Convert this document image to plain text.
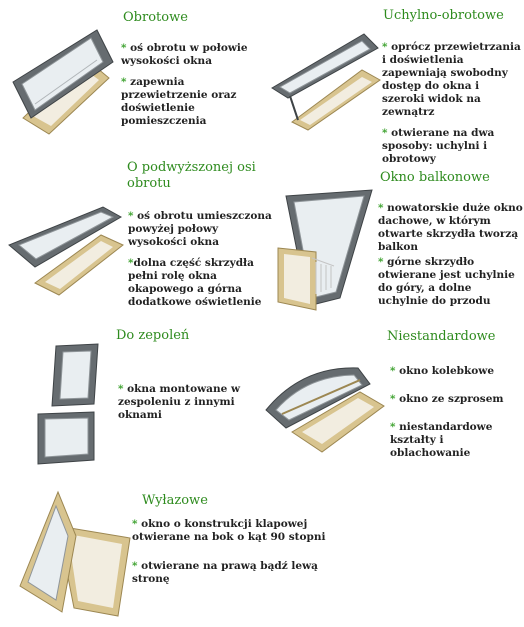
Obrotowe

* oś obrotu w połowie wysokości okna

* zapewnia przewietrzenie oraz doświetlenie pomieszczenia

Uchylno-obrotowe

* oprócz przewietrzania i doświetlenia zapewniają swobodny dostęp do okna i szeroki widok na zewnątrz

* otwierane na dwa sposoby: uchylni i obrotowy

O podwyższonej osi obrotu

* oś obrotu umieszczona powyżej połowy wysokości okna

*dolna część skrzydła pełni rolę okna okapowego a górna dodatkowe oświetlenie

Okno balkonowe

* nowatorskie duże okno dachowe, w którym otwarte skrzydła tworzą balkon

* górne skrzydło otwierane jest uchylnie do góry, a dolne uchylnie do przodu

Do zepoleń

* okna montowane w zespoleniu z innymi oknami

Niestandardowe

* okno kolebkowe

* okno ze szprosem

* niestandardowe kształty i oblachowanie

Wyłazowe

* okno o konstrukcji klapowej otwierane na bok o kąt 90 stopni

* otwierane na prawą bądź lewą stronę
